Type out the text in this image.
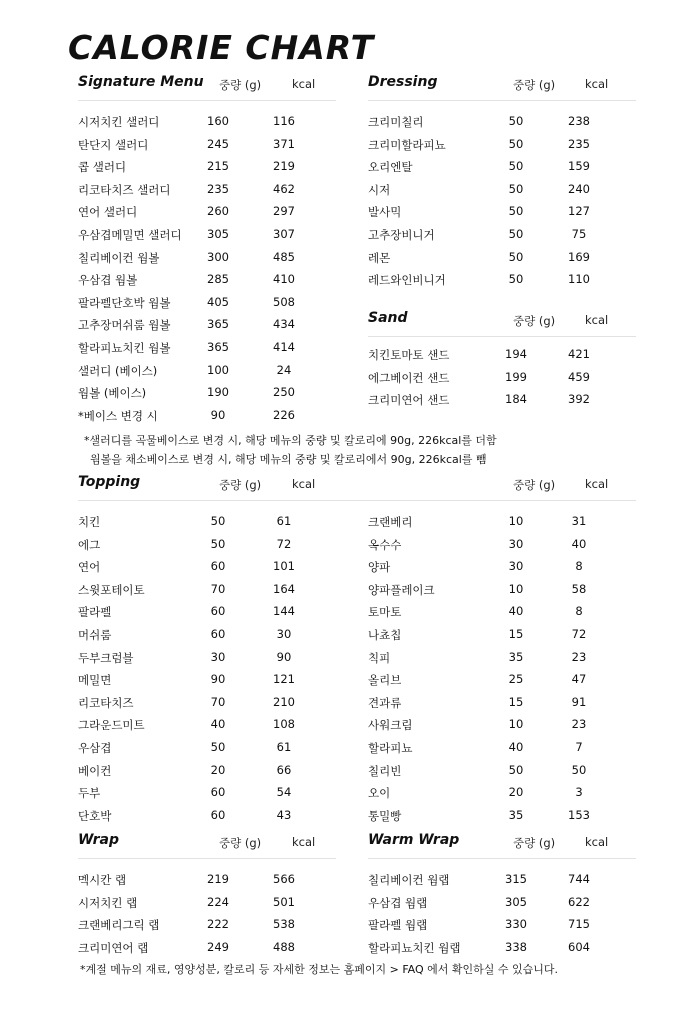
CALORIE CHART
Signature Menu 중량 (g)	kcal
시저치킨 샐러디	160	116
탄단지 샐러디	245	371
콥 샐러디	215	219
리코타치즈 샐러디	235	462
연어 샐러디	260	297
우삼겹메밀면 샐러디	305	307
칠리베이컨 웜볼	300	485
우삼겹 웜볼	285	410
팔라펠단호박 웜볼	405	508
고추장머쉬룸 웜볼	365	434
할라피뇨치킨 웜볼	365	414
샐러디 (베이스)	100	24
웜볼 (베이스)	190	250
*베이스 변경 시	90	226
Dressing	중량 (g)	kcal
크리미칠리	50	238
크리미할라피뇨	50	235
오리엔탈	50	159
시저	50	240
발사믹	50	127
고추장비니거	50	75
레몬	50	169
레드와인비니거	50	110
Sand	중량 (g)	kcal
치킨토마토 샌드	194	421
에그베이컨 샌드	199	459
크리미연어 샌드	184	392
*샐러디를 곡물베이스로 변경 시, 해당 메뉴의 중량 및 칼로리에 90g, 226kcal를 더함
웜볼을 채소베이스로 변경 시, 해당 메뉴의 중량 및 칼로리에서 90g, 226kcal를 뺌
Topping	중량 (g)	kcal	중량 (g)	kcal
치킨	50	61
에그	50	72
연어	60	101
스윗포테이토	70	164
팔라펠	60	144
머쉬룸	60	30
두부크럼블	30	90
메밀면	90	121
리코타치즈	70	210
그라운드미트	40	108
우삼겹	50	61
베이컨	20	66
두부	60	54
단호박	60	43
크랜베리	10	31
옥수수	30	40
양파	30	8
양파플레이크	10	58
토마토	40	8
나쵸칩	15	72
칙피	35	23
올리브	25	47
견과류	15	91
사워크림	10	23
할라피뇨	40	7
칠리빈	50	50
오이	20	3
통밀빵	35	153
Wrap	중량 (g)	kcal
멕시칸 랩	219	566
시저치킨 랩	224	501
크랜베리그릭 랩	222	538
크리미연어 랩	249	488
Warm Wrap	중량 (g)	kcal
칠리베이컨 웜랩	315	744
우삼겹 웜랩	305	622
팔라펠 웜랩	330	715
할라피뇨치킨 웜랩	338	604
*계절 메뉴의 재료, 영양성분, 칼로리 등 자세한 정보는 홈페이지 > FAQ 에서 확인하실 수 있습니다.
